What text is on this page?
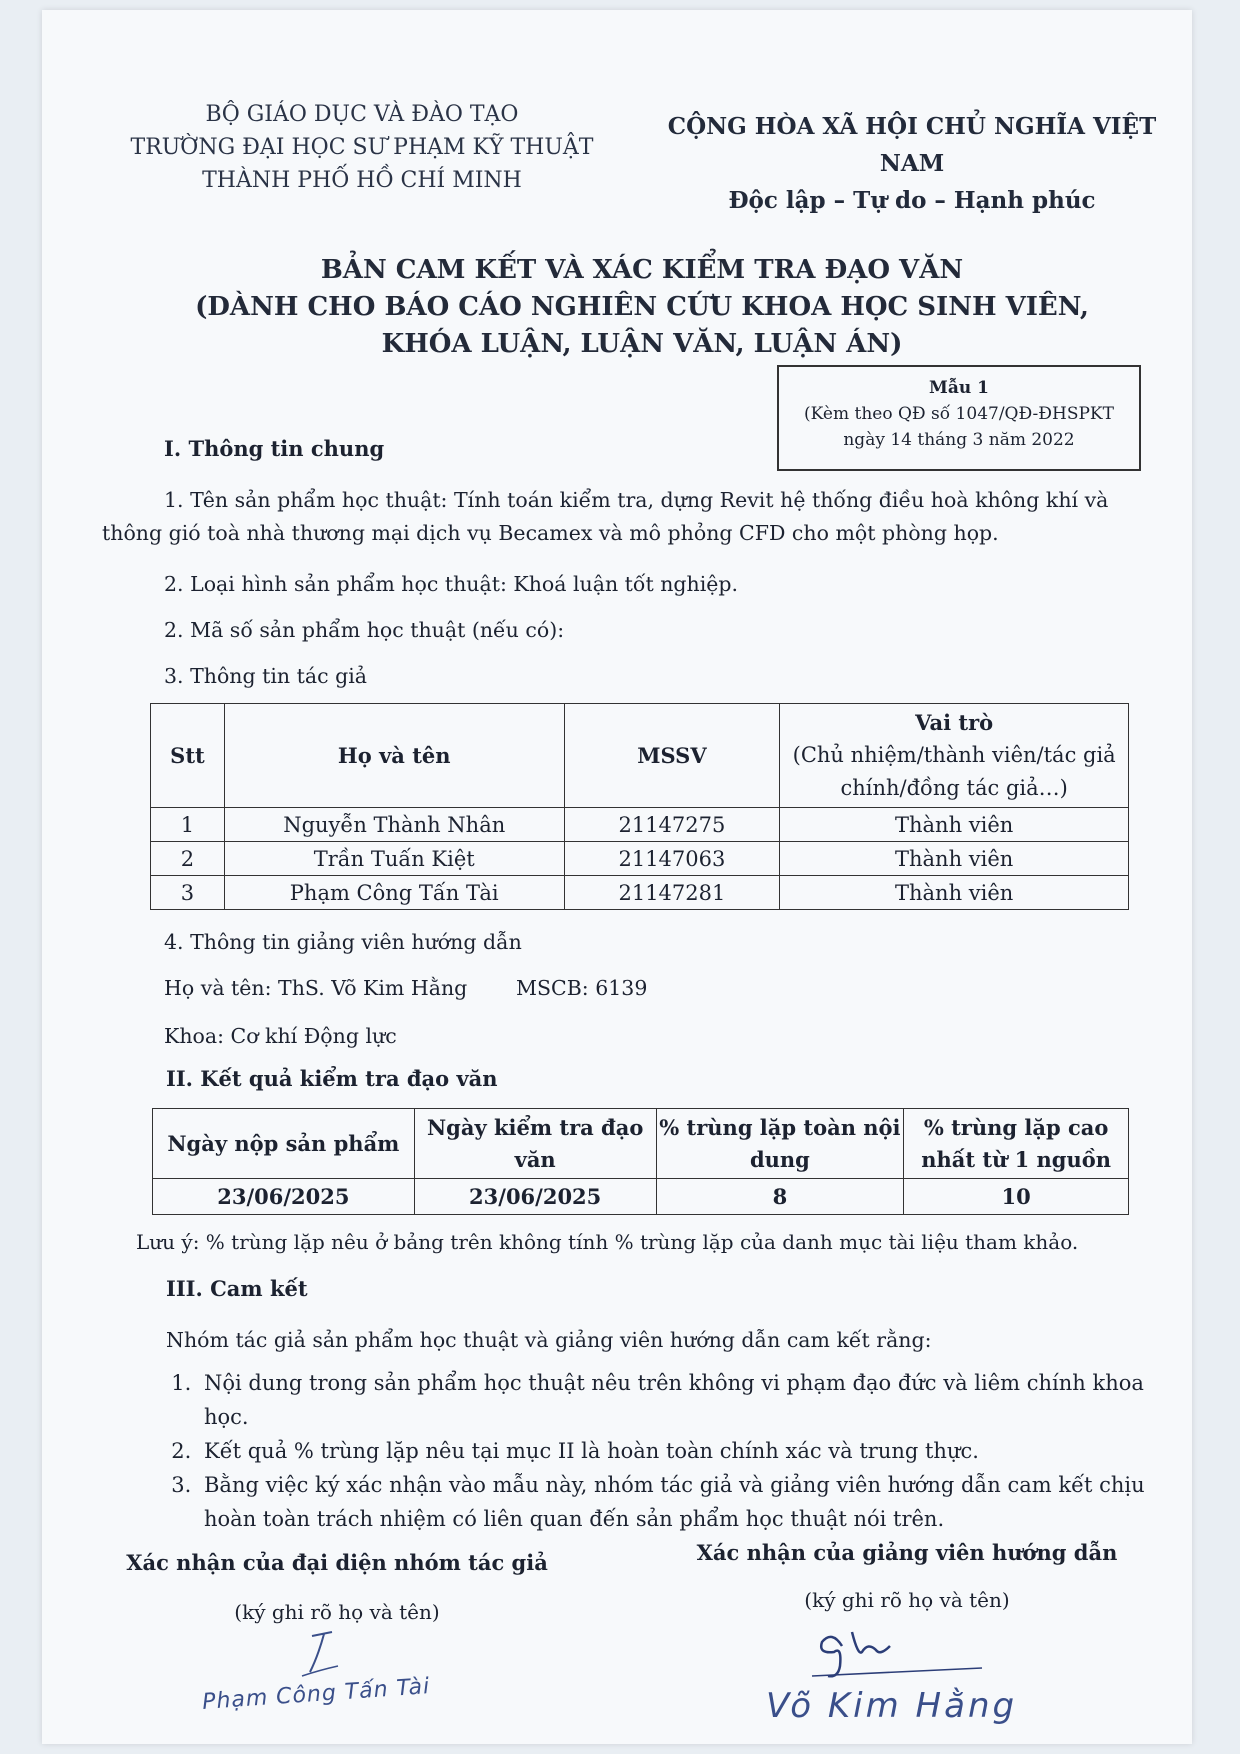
BỘ GIÁO DỤC VÀ ĐÀO TẠO
TRƯỜNG ĐẠI HỌC SƯ PHẠM KỸ THUẬT
THÀNH PHỐ HỒ CHÍ MINH
CỘNG HÒA XÃ HỘI CHỦ NGHĨA VIỆT NAM
Độc lập – Tự do – Hạnh phúc
BẢN CAM KẾT VÀ XÁC KIỂM TRA ĐẠO VĂN
(DÀNH CHO BÁO CÁO NGHIÊN CỨU KHOA HỌC SINH VIÊN,
KHÓA LUẬN, LUẬN VĂN, LUẬN ÁN)
Mẫu 1
(Kèm theo QĐ số 1047/QĐ-ĐHSPKT
ngày 14 tháng 3 năm 2022
I. Thông tin chung
1. Tên sản phẩm học thuật: Tính toán kiểm tra, dựng Revit hệ thống điều hoà không khí và thông gió toà nhà thương mại dịch vụ Becamex và mô phỏng CFD cho một phòng họp.
2. Loại hình sản phẩm học thuật: Khoá luận tốt nghiệp.
2. Mã số sản phẩm học thuật (nếu có):
3. Thông tin tác giả
Stt	Họ và tên	MSSV	Vai trò
(Chủ nhiệm/thành viên/tác giả chính/đồng tác giả…)

1	Nguyễn Thành Nhân	21147275	Thành viên
2	Trần Tuấn Kiệt	21147063	Thành viên
3	Phạm Công Tấn Tài	21147281	Thành viên
4. Thông tin giảng viên hướng dẫn
Họ và tên: ThS. Võ Kim Hằng MSCB: 6139
Khoa: Cơ khí Động lực
II. Kết quả kiểm tra đạo văn
Ngày nộp sản phẩm	Ngày kiểm tra đạo văn	% trùng lặp toàn nội dung	% trùng lặp cao nhất từ 1 nguồn
23/06/2025	23/06/2025	8	10
Lưu ý: % trùng lặp nêu ở bảng trên không tính % trùng lặp của danh mục tài liệu tham khảo.
III. Cam kết
Nhóm tác giả sản phẩm học thuật và giảng viên hướng dẫn cam kết rằng:
1. Nội dung trong sản phẩm học thuật nêu trên không vi phạm đạo đức và liêm chính khoa học.
2. Kết quả % trùng lặp nêu tại mục II là hoàn toàn chính xác và trung thực.
3. Bằng việc ký xác nhận vào mẫu này, nhóm tác giả và giảng viên hướng dẫn cam kết chịu hoàn toàn trách nhiệm có liên quan đến sản phẩm học thuật nói trên.
Xác nhận của đại diện nhóm tác giả
(ký ghi rõ họ và tên)
Xác nhận của giảng viên hướng dẫn
(ký ghi rõ họ và tên)
Phạm Công Tấn Tài	Võ Kim Hằng
